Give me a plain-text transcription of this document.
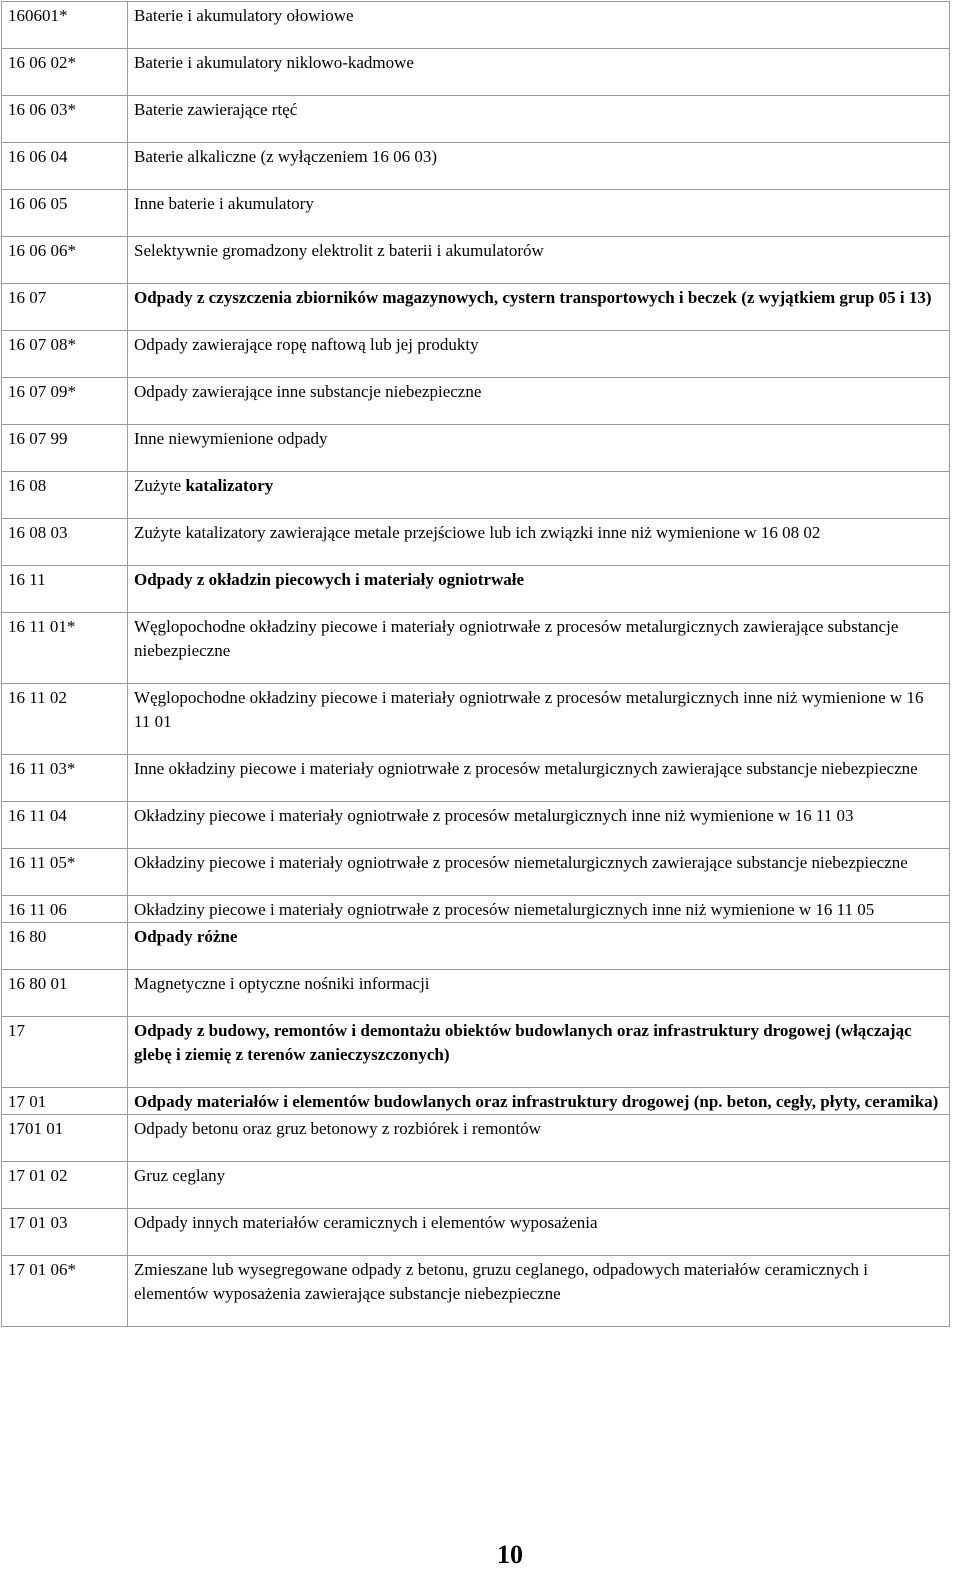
160601*	Baterie i akumulatory ołowiowe
16 06 02*	Baterie i akumulatory niklowo-kadmowe
16 06 03*	Baterie zawierające rtęć
16 06 04	Baterie alkaliczne (z wyłączeniem 16 06 03)
16 06 05	Inne baterie i akumulatory
16 06 06*	Selektywnie gromadzony elektrolit z baterii i akumulatorów
16 07	Odpady z czyszczenia zbiorników magazynowych, cystern transportowych i beczek (z wyjątkiem grup 05 i 13)
16 07 08*	Odpady zawierające ropę naftową lub jej produkty
16 07 09*	Odpady zawierające inne substancje niebezpieczne
16 07 99	Inne niewymienione odpady
16 08	Zużyte katalizatory
16 08 03	Zużyte katalizatory zawierające metale przejściowe lub ich związki inne niż wymienione w 16 08 02
16 11	Odpady z okładzin piecowych i materiały ogniotrwałe
16 11 01*	Węglopochodne okładziny piecowe i materiały ogniotrwałe z procesów metalurgicznych zawierające substancje niebezpieczne
16 11 02	Węglopochodne okładziny piecowe i materiały ogniotrwałe z procesów metalurgicznych inne niż wymienione w 16 11 01
16 11 03*	Inne okładziny piecowe i materiały ogniotrwałe z procesów metalurgicznych zawierające substancje niebezpieczne
16 11 04	Okładziny piecowe i materiały ogniotrwałe z procesów metalurgicznych inne niż wymienione w 16 11 03
16 11 05*	Okładziny piecowe i materiały ogniotrwałe z procesów niemetalurgicznych zawierające substancje niebezpieczne
16 11 06	Okładziny piecowe i materiały ogniotrwałe z procesów niemetalurgicznych inne niż wymienione w 16 11 05
16 80	Odpady różne
16 80 01	Magnetyczne i optyczne nośniki informacji
17	Odpady z budowy, remontów i demontażu obiektów budowlanych oraz infrastruktury drogowej (włączając glebę i ziemię z terenów zanieczyszczonych)
17 01	Odpady materiałów i elementów budowlanych oraz infrastruktury drogowej (np. beton, cegły, płyty, ceramika)
1701 01	Odpady betonu oraz gruz betonowy z rozbiórek i remontów
17 01 02	Gruz ceglany
17 01 03	Odpady innych materiałów ceramicznych i elementów wyposażenia
17 01 06*	Zmieszane lub wysegregowane odpady z betonu, gruzu ceglanego, odpadowych materiałów ceramicznych i elementów wyposażenia zawierające substancje niebezpieczne
10
